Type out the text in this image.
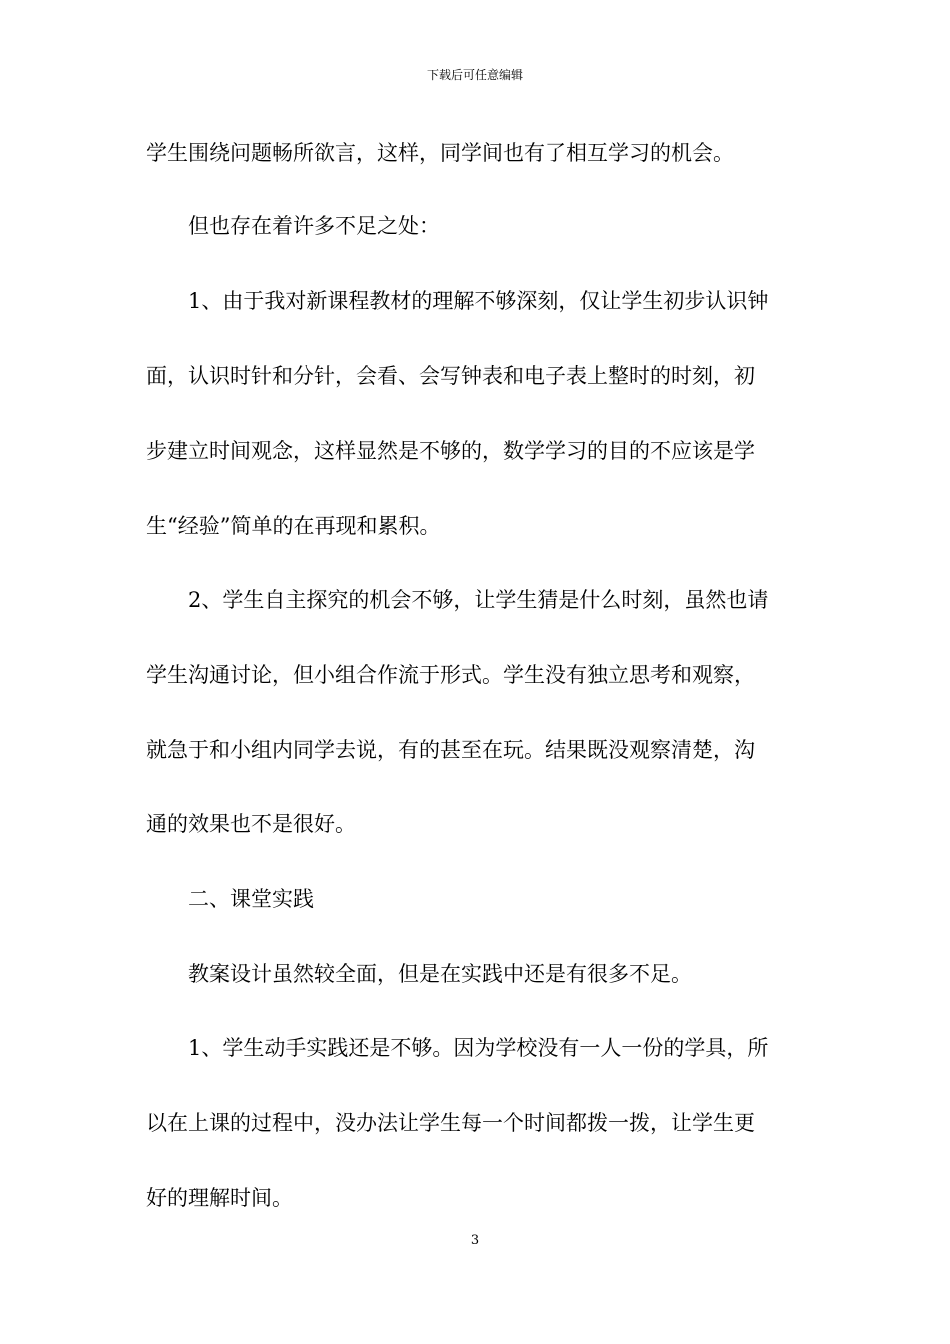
下载后可任意编辑
学生围绕问题畅所欲言，这样，同学间也有了相互学习的机会。
但也存在着许多不足之处：
1、由于我对新课程教材的理解不够深刻，仅让学生初步认识钟
面，认识时针和分针，会看、会写钟表和电子表上整时的时刻，初
步建立时间观念，这样显然是不够的，数学学习的目的不应该是学
生“经验”简单的在再现和累积。
2、学生自主探究的机会不够，让学生猜是什么时刻，虽然也请
学生沟通讨论，但小组合作流于形式。学生没有独立思考和观察，
就急于和小组内同学去说，有的甚至在玩。结果既没观察清楚，沟
通的效果也不是很好。
二、课堂实践
教案设计虽然较全面，但是在实践中还是有很多不足。
1、学生动手实践还是不够。因为学校没有一人一份的学具，所
以在上课的过程中，没办法让学生每一个时间都拨一拨，让学生更
好的理解时间。
3
